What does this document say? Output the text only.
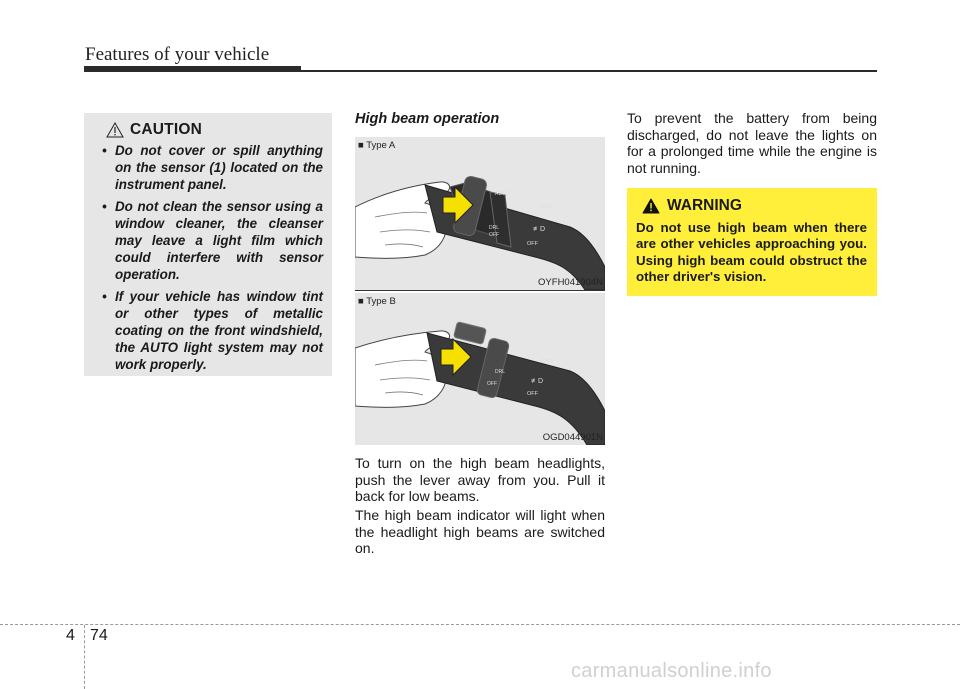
Features of your vehicle
CAUTION
• Do not cover or spill anything on the sensor (1) located on the instrument panel.
• Do not clean the sensor using a window cleaner, the cleanser may leave a light film which could interfere with sensor operation.
• If your vehicle has window tint or other types of metallic coating on the front windshield, the AUTO light system may not work properly.
High beam operation
AUTO
DRL
OFF
OFF
⇦⇨
≢D
■ Type A
OYFH041904N
DRL
OFF
OFF
⇦⇨
≢D
■ Type B
OGD044901N
To turn on the high beam headlights, push the lever away from you. Pull it back for low beams.
The high beam indicator will light when the headlight high beams are switched on.
To prevent the battery from being discharged, do not leave the lights on for a prolonged time while the engine is not running.
WARNING
Do not use high beam when there are other vehicles approaching you. Using high beam could obstruct the other driver's vision.
4 74
carmanualsonline.info
